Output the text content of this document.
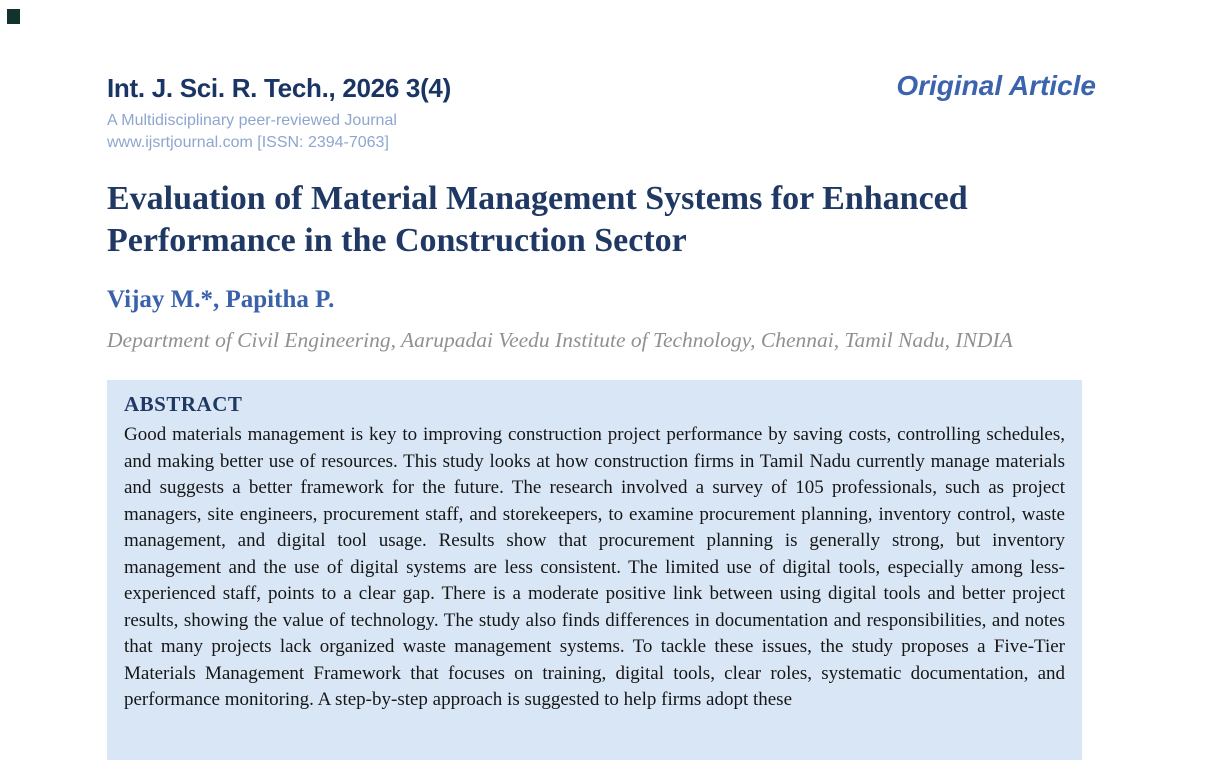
Int. J. Sci. R. Tech., 2026 3(4)
A Multidisciplinary peer-reviewed Journal
www.ijsrtjournal.com [ISSN: 2394-7063]
Original Article
Evaluation of Material Management Systems for Enhanced Performance in the Construction Sector
Vijay M.*, Papitha P.
Department of Civil Engineering, Aarupadai Veedu Institute of Technology, Chennai, Tamil Nadu, INDIA
ABSTRACT
Good materials management is key to improving construction project performance by saving costs, controlling schedules, and making better use of resources. This study looks at how construction firms in Tamil Nadu currently manage materials and suggests a better framework for the future. The research involved a survey of 105 professionals, such as project managers, site engineers, procurement staff, and storekeepers, to examine procurement planning, inventory control, waste management, and digital tool usage. Results show that procurement planning is generally strong, but inventory management and the use of digital systems are less consistent. The limited use of digital tools, especially among less-experienced staff, points to a clear gap. There is a moderate positive link between using digital tools and better project results, showing the value of technology. The study also finds differences in documentation and responsibilities, and notes that many projects lack organized waste management systems. To tackle these issues, the study proposes a Five-Tier Materials Management Framework that focuses on training, digital tools, clear roles, systematic documentation, and performance monitoring. A step-by-step approach is suggested to help firms adopt these
